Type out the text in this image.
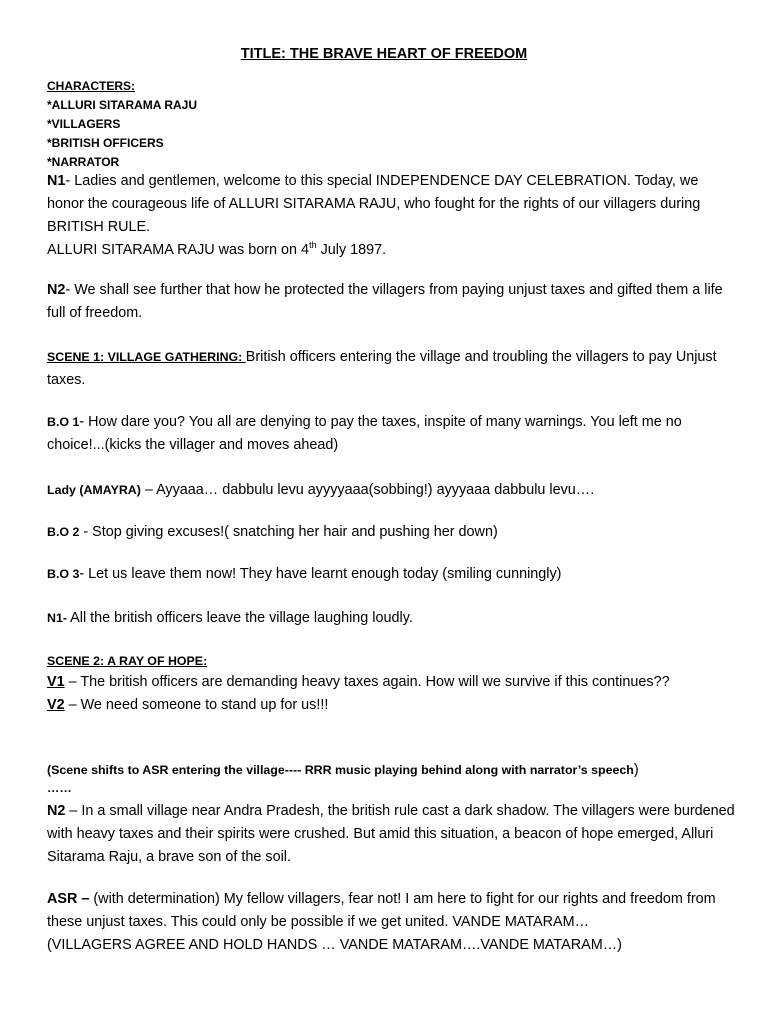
TITLE: THE BRAVE HEART OF FREEDOM
CHARACTERS:
*ALLURI SITARAMA RAJU
*VILLAGERS
*BRITISH OFFICERS
*NARRATOR

N1- Ladies and gentlemen, welcome to this special INDEPENDENCE DAY CELEBRATION. Today, we honor the courageous life of ALLURI SITARAMA RAJU, who fought for the rights of our villagers during BRITISH RULE.

ALLURI SITARAMA RAJU was born on 4th July 1897.

N2- We shall see further that how he protected the villagers from paying unjust taxes and gifted them a life full of freedom.

SCENE 1: VILLAGE GATHERING: British officers entering the village and troubling the villagers to pay Unjust taxes.

B.O 1- How dare you? You all are denying to pay the taxes, inspite of many warnings. You left me no choice!...(kicks the villager and moves ahead)

Lady (AMAYRA) – Ayyaaa… dabbulu levu ayyyyaaa(sobbing!) ayyyaaa dabbulu levu….

B.O 2 - Stop giving excuses!( snatching her hair and pushing her down)

B.O 3- Let us leave them now! They have learnt enough today (smiling cunningly)

N1- All the british officers leave the village laughing loudly.

SCENE 2: A RAY OF HOPE:

V1 – The british officers are demanding heavy taxes again. How will we survive if this continues??

V2 – We need someone to stand up for us!!!

(Scene shifts to ASR entering the village---- RRR music playing behind along with narrator’s speech)

……

N2 – In a small village near Andra Pradesh, the british rule cast a dark shadow. The villagers were burdened with heavy taxes and their spirits were crushed. But amid this situation, a beacon of hope emerged, Alluri Sitarama Raju, a brave son of the soil.

ASR – (with determination) My fellow villagers, fear not! I am here to fight for our rights and freedom from these unjust taxes. This could only be possible if we get united. VANDE MATARAM…

(VILLAGERS AGREE AND HOLD HANDS … VANDE MATARAM….VANDE MATARAM…)
